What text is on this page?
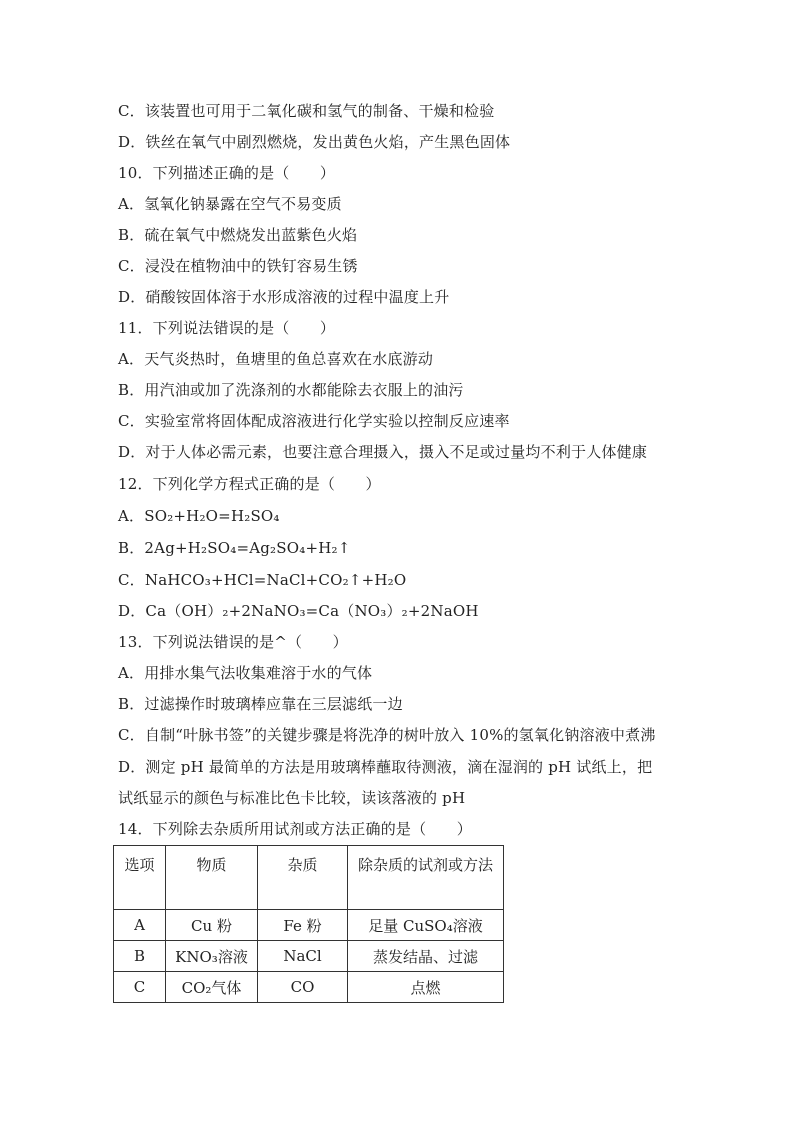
C．该装置也可用于二氧化碳和氢气的制备、干燥和检验
D．铁丝在氧气中剧烈燃烧，发出黄色火焰，产生黑色固体
10．下列描述正确的是（　　）
A．氢氧化钠暴露在空气不易变质
B．硫在氧气中燃烧发出蓝紫色火焰
C．浸没在植物油中的铁钉容易生锈
D．硝酸铵固体溶于水形成溶液的过程中温度上升
11．下列说法错误的是（　　）
A．天气炎热时，鱼塘里的鱼总喜欢在水底游动
B．用汽油或加了洗涤剂的水都能除去衣服上的油污
C．实验室常将固体配成溶液进行化学实验以控制反应速率
D．对于人体必需元素，也要注意合理摄入，摄入不足或过量均不利于人体健康
12．下列化学方程式正确的是（　　）
A．SO₂+H₂O=H₂SO₄
B．2Ag+H₂SO₄=Ag₂SO₄+H₂↑
C．NaHCO₃+HCl=NaCl+CO₂↑+H₂O
D．Ca（OH）₂+2NaNO₃=Ca（NO₃）₂+2NaOH
13．下列说法错误的是^（　　）
A．用排水集气法收集难溶于水的气体
B．过滤操作时玻璃棒应靠在三层滤纸一边
C．自制“叶脉书签”的关键步骤是将洗净的树叶放入 10%的氢氧化钠溶液中煮沸
D．测定 pH 最简单的方法是用玻璃棒蘸取待测液，滴在湿润的 pH 试纸上，把
试纸显示的颜色与标准比色卡比较，读该落液的 pH
14．下列除去杂质所用试剂或方法正确的是（　　）
选项	物质	杂质	除杂质的试剂或方法

A	Cu 粉	Fe 粉	足量 CuSO₄溶液
B	KNO₃溶液	NaCl	蒸发结晶、过滤
C	CO₂气体	CO	点燃
